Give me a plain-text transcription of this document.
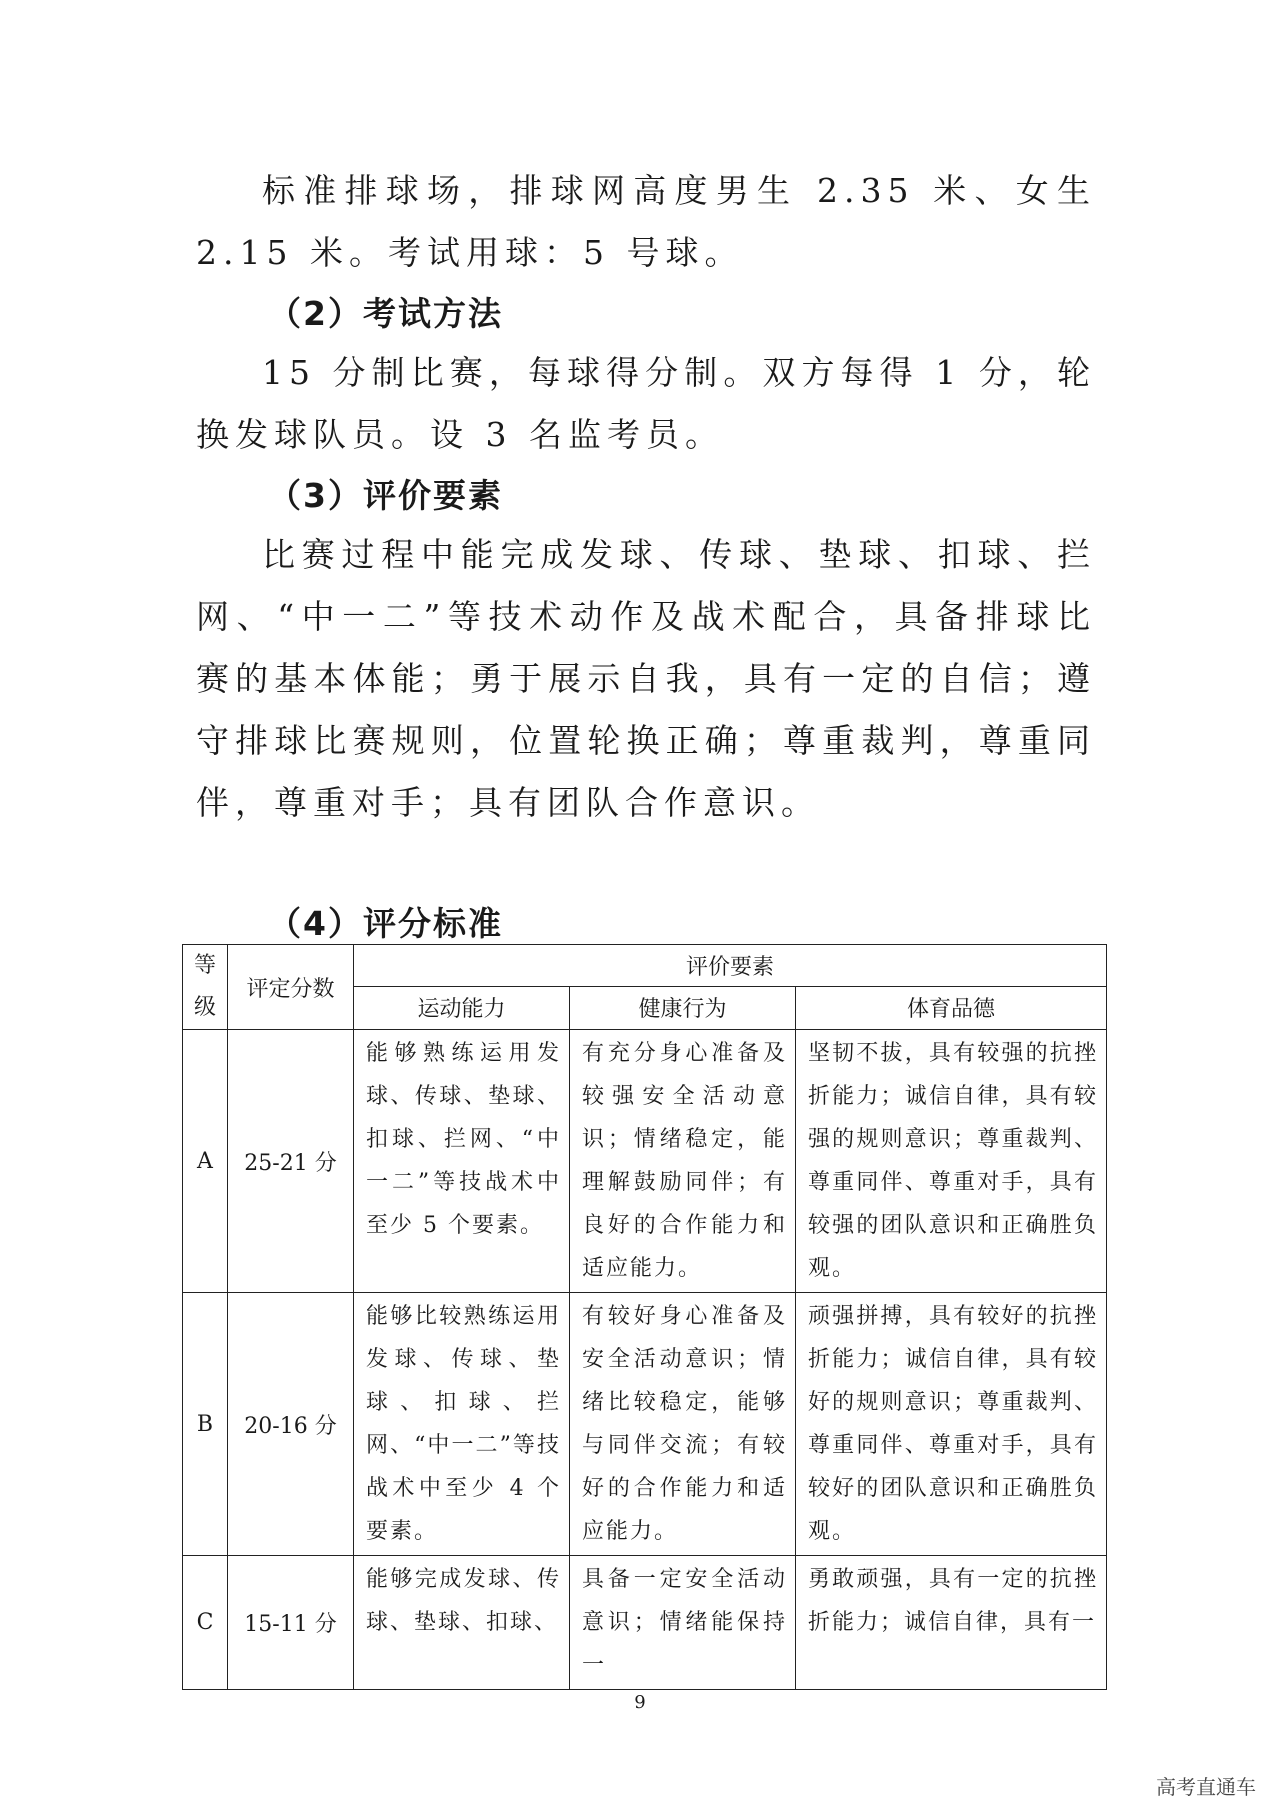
标准排球场，排球网高度男生 2.35 米、女生 2.15 米。考试用球：5 号球。

（2）考试方法

15 分制比赛，每球得分制。双方每得 1 分，轮换发球队员。设 3 名监考员。

（3）评价要素

比赛过程中能完成发球、传球、垫球、扣球、拦网、“中一二”等技术动作及战术配合，具备排球比赛的基本体能；勇于展示自我，具有一定的自信；遵守排球比赛规则，位置轮换正确；尊重裁判，尊重同伴，尊重对手；具有团队合作意识。

（4）评分标准
等
级	评定分数	评价要素		
		运动能力	健康行为	体育品德
A	25-21 分	能够熟练运用发球、传球、垫球、扣球、拦网、“中一二”等技战术中至少 5 个要素。	有充分身心准备及较强安全活动意识；情绪稳定，能理解鼓励同伴；有良好的合作能力和适应能力。	坚韧不拔，具有较强的抗挫折能力；诚信自律，具有较强的规则意识；尊重裁判、尊重同伴、尊重对手，具有较强的团队意识和正确胜负观。

B	20-16 分	能够比较熟练运用发球、传球、垫球、扣球、拦网、“中一二”等技战术中至少 4 个要素。	有较好身心准备及安全活动意识；情绪比较稳定，能够与同伴交流；有较好的合作能力和适应能力。	顽强拼搏，具有较好的抗挫折能力；诚信自律，具有较好的规则意识；尊重裁判、尊重同伴、尊重对手，具有较好的团队意识和正确胜负观。

C	15-11 分	能够完成发球、传球、垫球、扣球、	具备一定安全活动意识；情绪能保持一	勇敢顽强，具有一定的抗挫折能力；诚信自律，具有一
9
高考直通车
